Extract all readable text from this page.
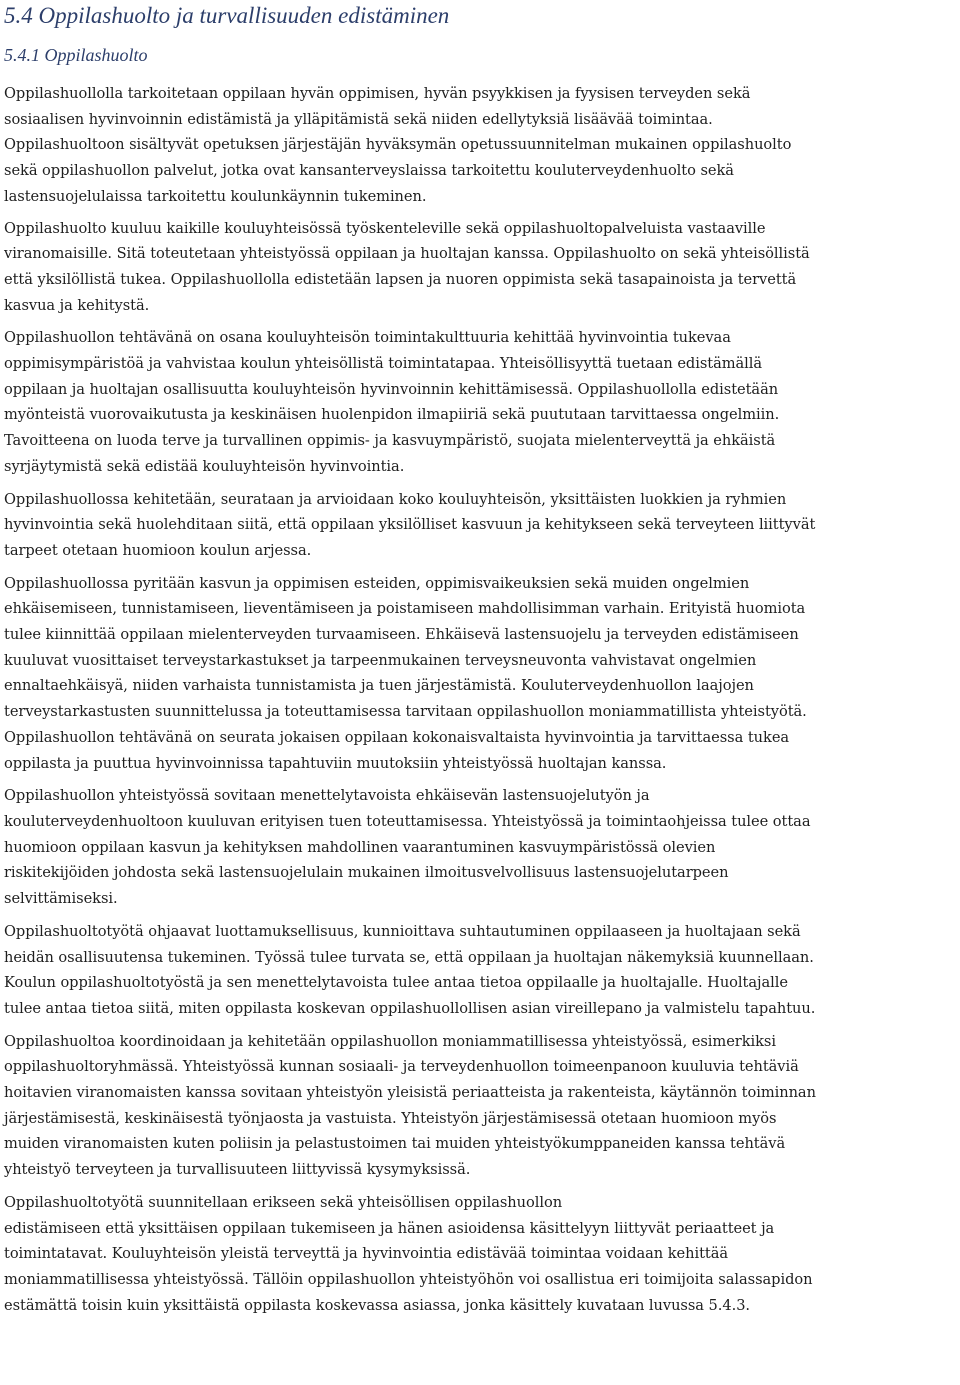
5.4 Oppilashuolto ja turvallisuuden edistäminen
5.4.1 Oppilashuolto

Oppilashuollolla tarkoitetaan oppilaan hyvän oppimisen, hyvän psyykkisen ja fyysisen terveyden sekä
sosiaalisen hyvinvoinnin edistämistä ja ylläpitämistä sekä niiden edellytyksiä lisäävää toimintaa.
Oppilashuoltoon sisältyvät opetuksen järjestäjän hyväksymän opetussuunnitelman mukainen oppilashuolto
sekä oppilashuollon palvelut, jotka ovat kansanterveyslaissa tarkoitettu kouluterveydenhuolto sekä
lastensuojelulaissa tarkoitettu koulunkäynnin tukeminen.

Oppilashuolto kuuluu kaikille kouluyhteisössä työskenteleville sekä oppilashuoltopalveluista vastaaville
viranomaisille. Sitä toteutetaan yhteistyössä oppilaan ja huoltajan kanssa. Oppilashuolto on sekä yhteisöllistä
että yksilöllistä tukea. Oppilashuollolla edistetään lapsen ja nuoren oppimista sekä tasapainoista ja tervettä
kasvua ja kehitystä.

Oppilashuollon tehtävänä on osana kouluyhteisön toimintakulttuuria kehittää hyvinvointia tukevaa
oppimisympäristöä ja vahvistaa koulun yhteisöllistä toimintatapaa. Yhteisöllisyyttä tuetaan edistämällä
oppilaan ja huoltajan osallisuutta kouluyhteisön hyvinvoinnin kehittämisessä. Oppilashuollolla edistetään
myönteistä vuorovaikutusta ja keskinäisen huolenpidon ilmapiiriä sekä puututaan tarvittaessa ongelmiin.
Tavoitteena on luoda terve ja turvallinen oppimis- ja kasvuympäristö, suojata mielenterveyttä ja ehkäistä
syrjäytymistä sekä edistää kouluyhteisön hyvinvointia.

Oppilashuollossa kehitetään, seurataan ja arvioidaan koko kouluyhteisön, yksittäisten luokkien ja ryhmien
hyvinvointia sekä huolehditaan siitä, että oppilaan yksilölliset kasvuun ja kehitykseen sekä terveyteen liittyvät
tarpeet otetaan huomioon koulun arjessa.

Oppilashuollossa pyritään kasvun ja oppimisen esteiden, oppimisvaikeuksien sekä muiden ongelmien
ehkäisemiseen, tunnistamiseen, lieventämiseen ja poistamiseen mahdollisimman varhain. Erityistä huomiota
tulee kiinnittää oppilaan mielenterveyden turvaamiseen. Ehkäisevä lastensuojelu ja terveyden edistämiseen
kuuluvat vuosittaiset terveystarkastukset ja tarpeenmukainen terveysneuvonta vahvistavat ongelmien
ennaltaehkäisyä, niiden varhaista tunnistamista ja tuen järjestämistä. Kouluterveydenhuollon laajojen
terveystarkastusten suunnittelussa ja toteuttamisessa tarvitaan oppilashuollon moniammatillista yhteistyötä.
Oppilashuollon tehtävänä on seurata jokaisen oppilaan kokonaisvaltaista hyvinvointia ja tarvittaessa tukea
oppilasta ja puuttua hyvinvoinnissa tapahtuviin muutoksiin yhteistyössä huoltajan kanssa.

Oppilashuollon yhteistyössä sovitaan menettelytavoista ehkäisevän lastensuojelutyön ja
kouluterveydenhuoltoon kuuluvan erityisen tuen toteuttamisessa. Yhteistyössä ja toimintaohjeissa tulee ottaa
huomioon oppilaan kasvun ja kehityksen mahdollinen vaarantuminen kasvuympäristössä olevien
riskitekijöiden johdosta sekä lastensuojelulain mukainen ilmoitusvelvollisuus lastensuojelutarpeen
selvittämiseksi.

Oppilashuoltotyötä ohjaavat luottamuksellisuus, kunnioittava suhtautuminen oppilaaseen ja huoltajaan sekä
heidän osallisuutensa tukeminen. Työssä tulee turvata se, että oppilaan ja huoltajan näkemyksiä kuunnellaan.
Koulun oppilashuoltotyöstä ja sen menettelytavoista tulee antaa tietoa oppilaalle ja huoltajalle. Huoltajalle
tulee antaa tietoa siitä, miten oppilasta koskevan oppilashuollollisen asian vireillepano ja valmistelu tapahtuu.

Oppilashuoltoa koordinoidaan ja kehitetään oppilashuollon moniammatillisessa yhteistyössä, esimerkiksi
oppilashuoltoryhmässä. Yhteistyössä kunnan sosiaali- ja terveydenhuollon toimeenpanoon kuuluvia tehtäviä
hoitavien viranomaisten kanssa sovitaan yhteistyön yleisistä periaatteista ja rakenteista, käytännön toiminnan
järjestämisestä, keskinäisestä työnjaosta ja vastuista. Yhteistyön järjestämisessä otetaan huomioon myös
muiden viranomaisten kuten poliisin ja pelastustoimen tai muiden yhteistyökumppaneiden kanssa tehtävä
yhteistyö terveyteen ja turvallisuuteen liittyvissä kysymyksissä.

Oppilashuoltotyötä suunnitellaan erikseen sekä yhteisöllisen oppilashuollon
edistämiseen että yksittäisen oppilaan tukemiseen ja hänen asioidensa käsittelyyn liittyvät periaatteet ja
toimintatavat. Kouluyhteisön yleistä terveyttä ja hyvinvointia edistävää toimintaa voidaan kehittää
moniammatillisessa yhteistyössä. Tällöin oppilashuollon yhteistyöhön voi osallistua eri toimijoita salassapidon
estämättä toisin kuin yksittäistä oppilasta koskevassa asiassa, jonka käsittely kuvataan luvussa 5.4.3.
